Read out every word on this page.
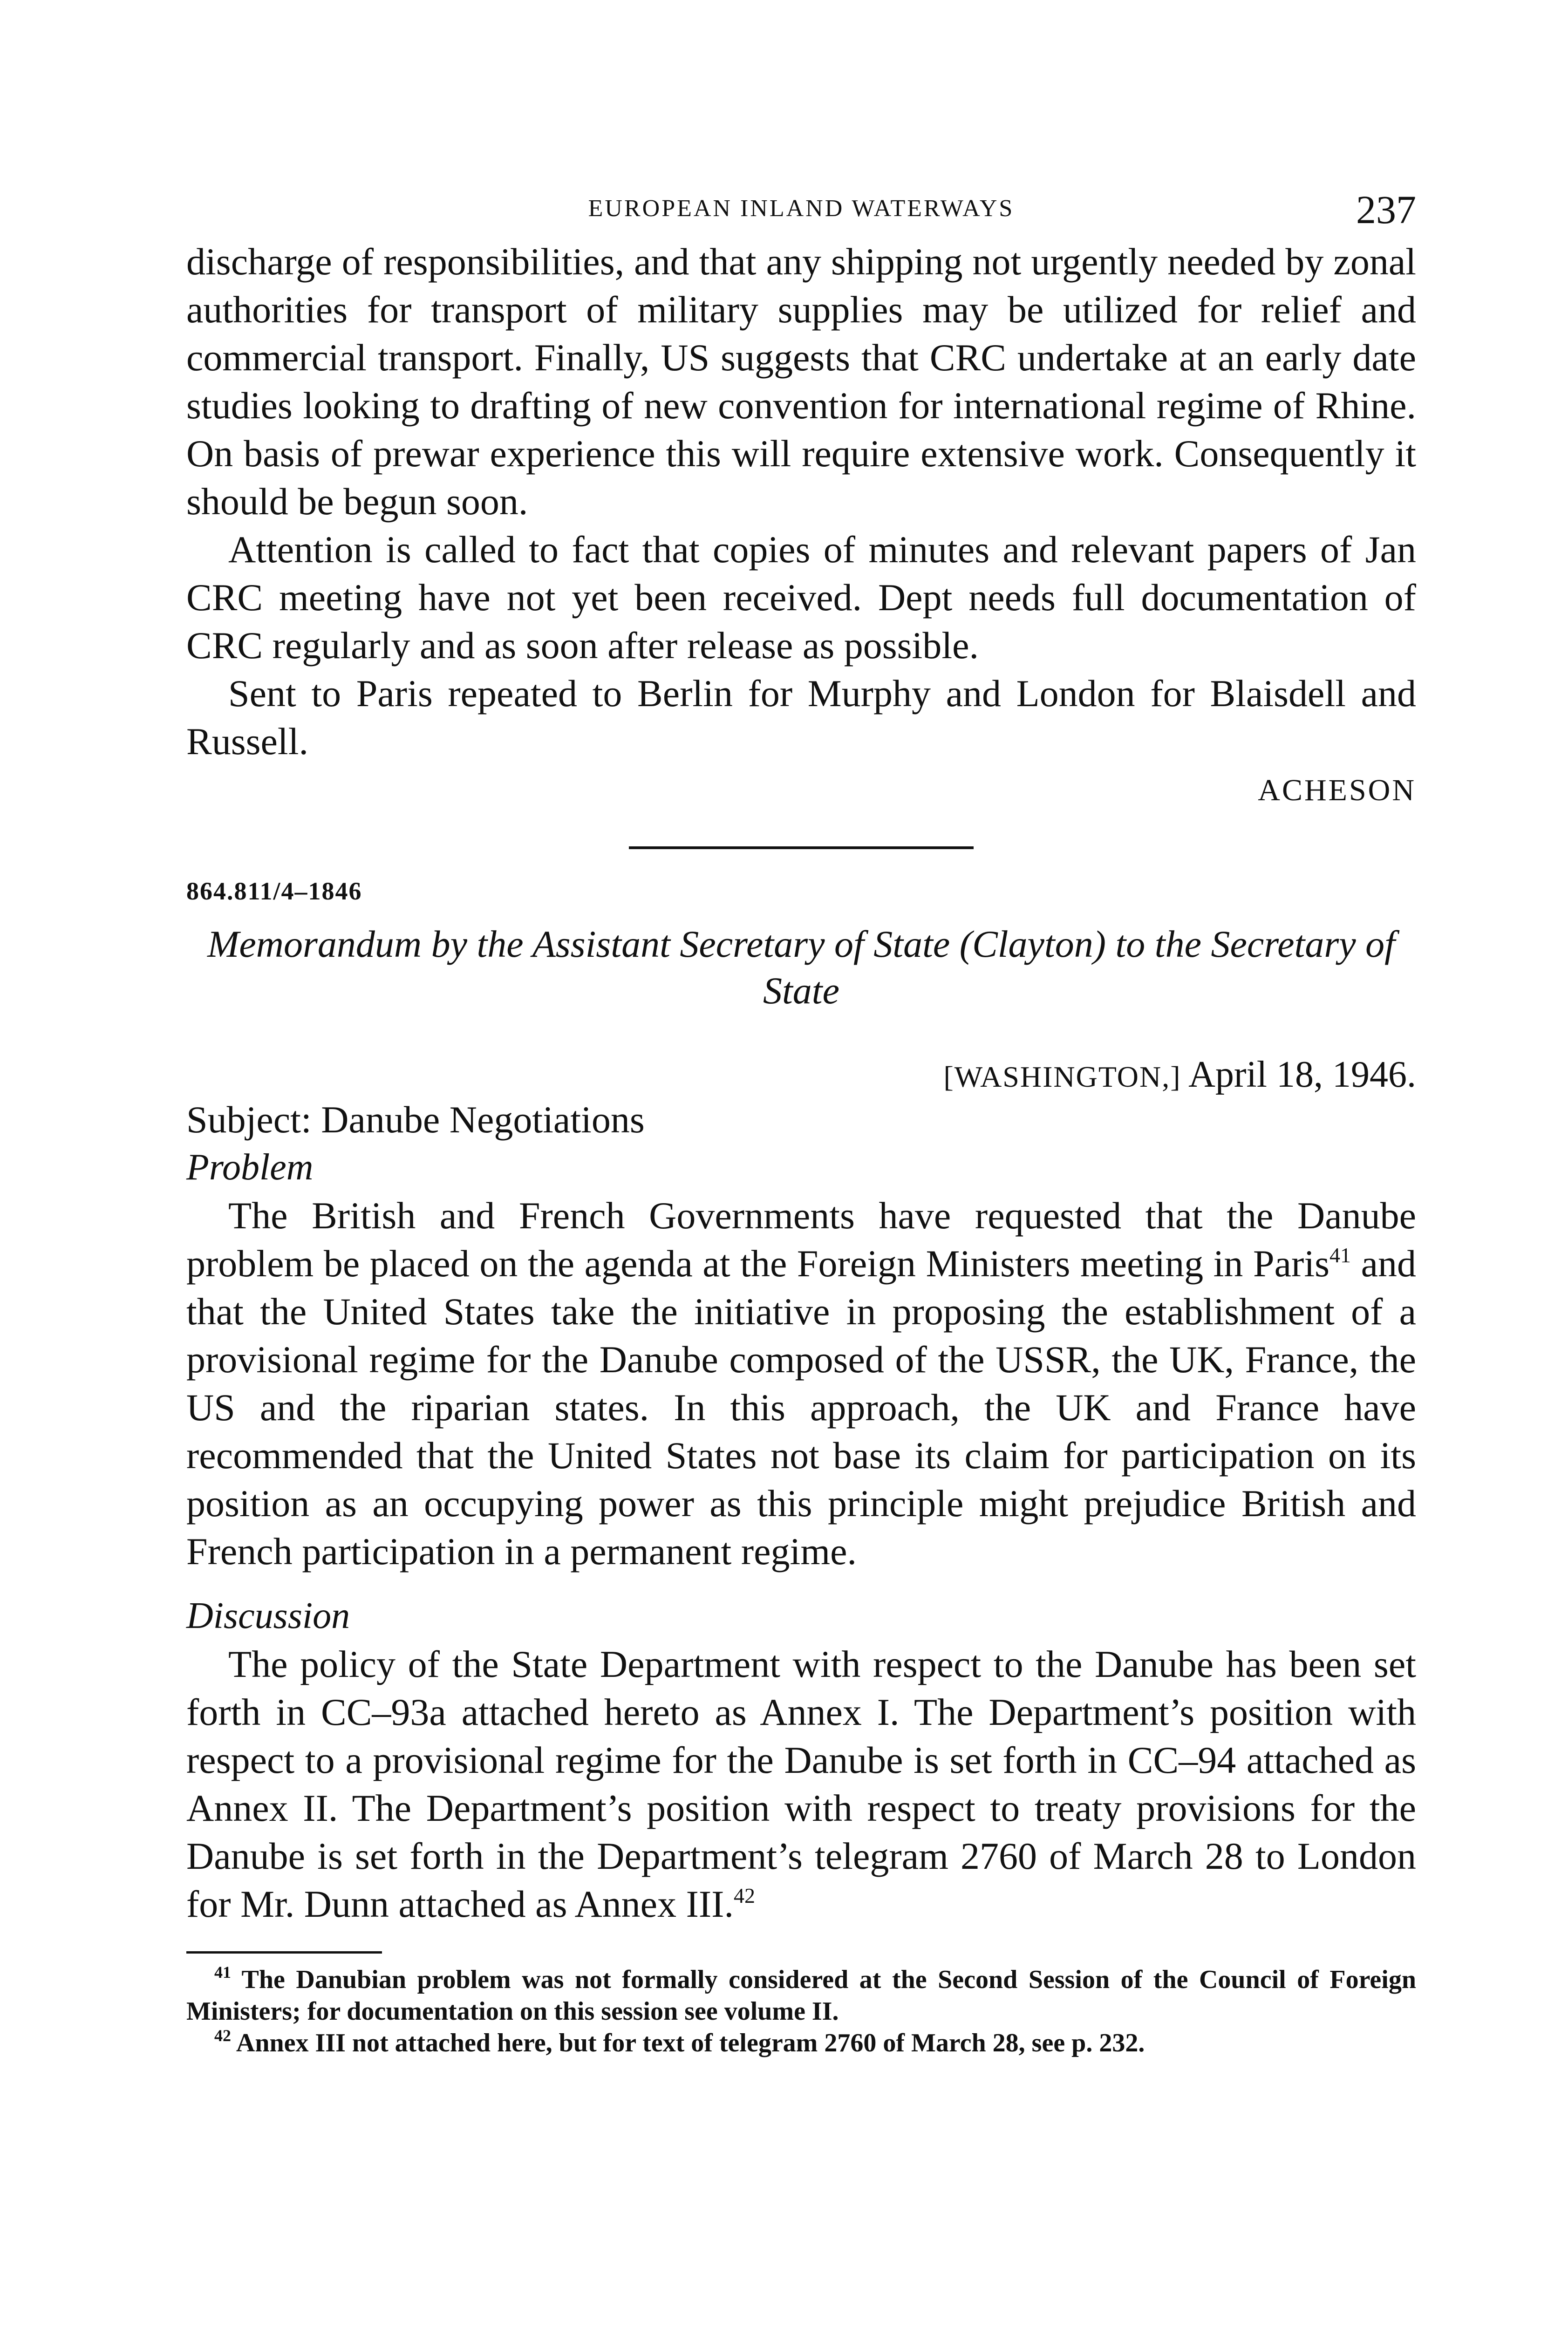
EUROPEAN INLAND WATERWAYS	237

discharge of responsibilities, and that any shipping not urgently needed by zonal authorities for transport of military supplies may be utilized for relief and commercial transport. Finally, US suggests that CRC undertake at an early date studies looking to drafting of new convention for international regime of Rhine. On basis of prewar experience this will require extensive work. Consequently it should be begun soon.

Attention is called to fact that copies of minutes and relevant papers of Jan CRC meeting have not yet been received. Dept needs full documentation of CRC regularly and as soon after release as possible.

Sent to Paris repeated to Berlin for Murphy and London for Blaisdell and Russell.

ACHESON
864.811/4–1846
Memorandum by the Assistant Secretary of State (Clayton) to the Secretary of State
[WASHINGTON,] April 18, 1946.
Subject: Danube Negotiations
Problem

The British and French Governments have requested that the Danube problem be placed on the agenda at the Foreign Ministers meeting in Paris$^{41}$ and that the United States take the initiative in proposing the establishment of a provisional regime for the Danube composed of the USSR, the UK, France, the US and the riparian states. In this approach, the UK and France have recommended that the United States not base its claim for participation on its position as an occupying power as this principle might prejudice British and French participation in a permanent regime.

Discussion

The policy of the State Department with respect to the Danube has been set forth in CC–93a attached hereto as Annex I. The Department’s position with respect to a provisional regime for the Danube is set forth in CC–94 attached as Annex II. The Department’s position with respect to treaty provisions for the Danube is set forth in the Department’s telegram 2760 of March 28 to London for Mr. Dunn attached as Annex III.$^{42}$

$^{41}$ The Danubian problem was not formally considered at the Second Session of the Council of Foreign Ministers; for documentation on this session see volume II.

$^{42}$ Annex III not attached here, but for text of telegram 2760 of March 28, see p. 232.
